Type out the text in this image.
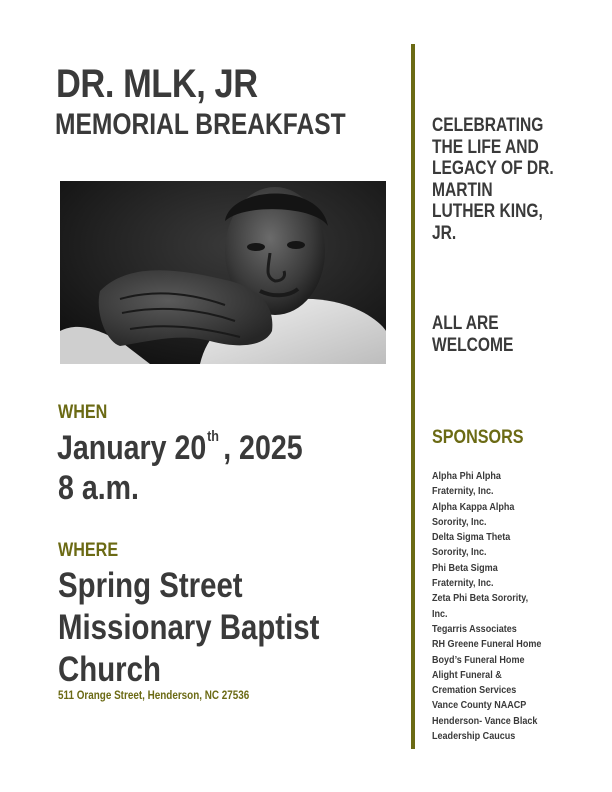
DR. MLK, JR
MEMORIAL BREAKFAST
WHEN
January 20th , 2025
8 a.m.
WHERE
Spring Street
Missionary Baptist
Church
511 Orange Street, Henderson, NC 27536
CELEBRATING
THE LIFE AND
LEGACY OF DR.
MARTIN
LUTHER KING,
JR.
ALL ARE
WELCOME
SPONSORS
Alpha Phi Alpha
Fraternity, Inc.
Alpha Kappa Alpha
Sorority, Inc.
Delta Sigma Theta
Sorority, Inc.
Phi Beta Sigma
Fraternity, Inc.
Zeta Phi Beta Sorority,
Inc.
Tegarris Associates
RH Greene Funeral Home
Boyd’s Funeral Home
Alight Funeral &
Cremation Services
Vance County NAACP
Henderson- Vance Black
Leadership Caucus
